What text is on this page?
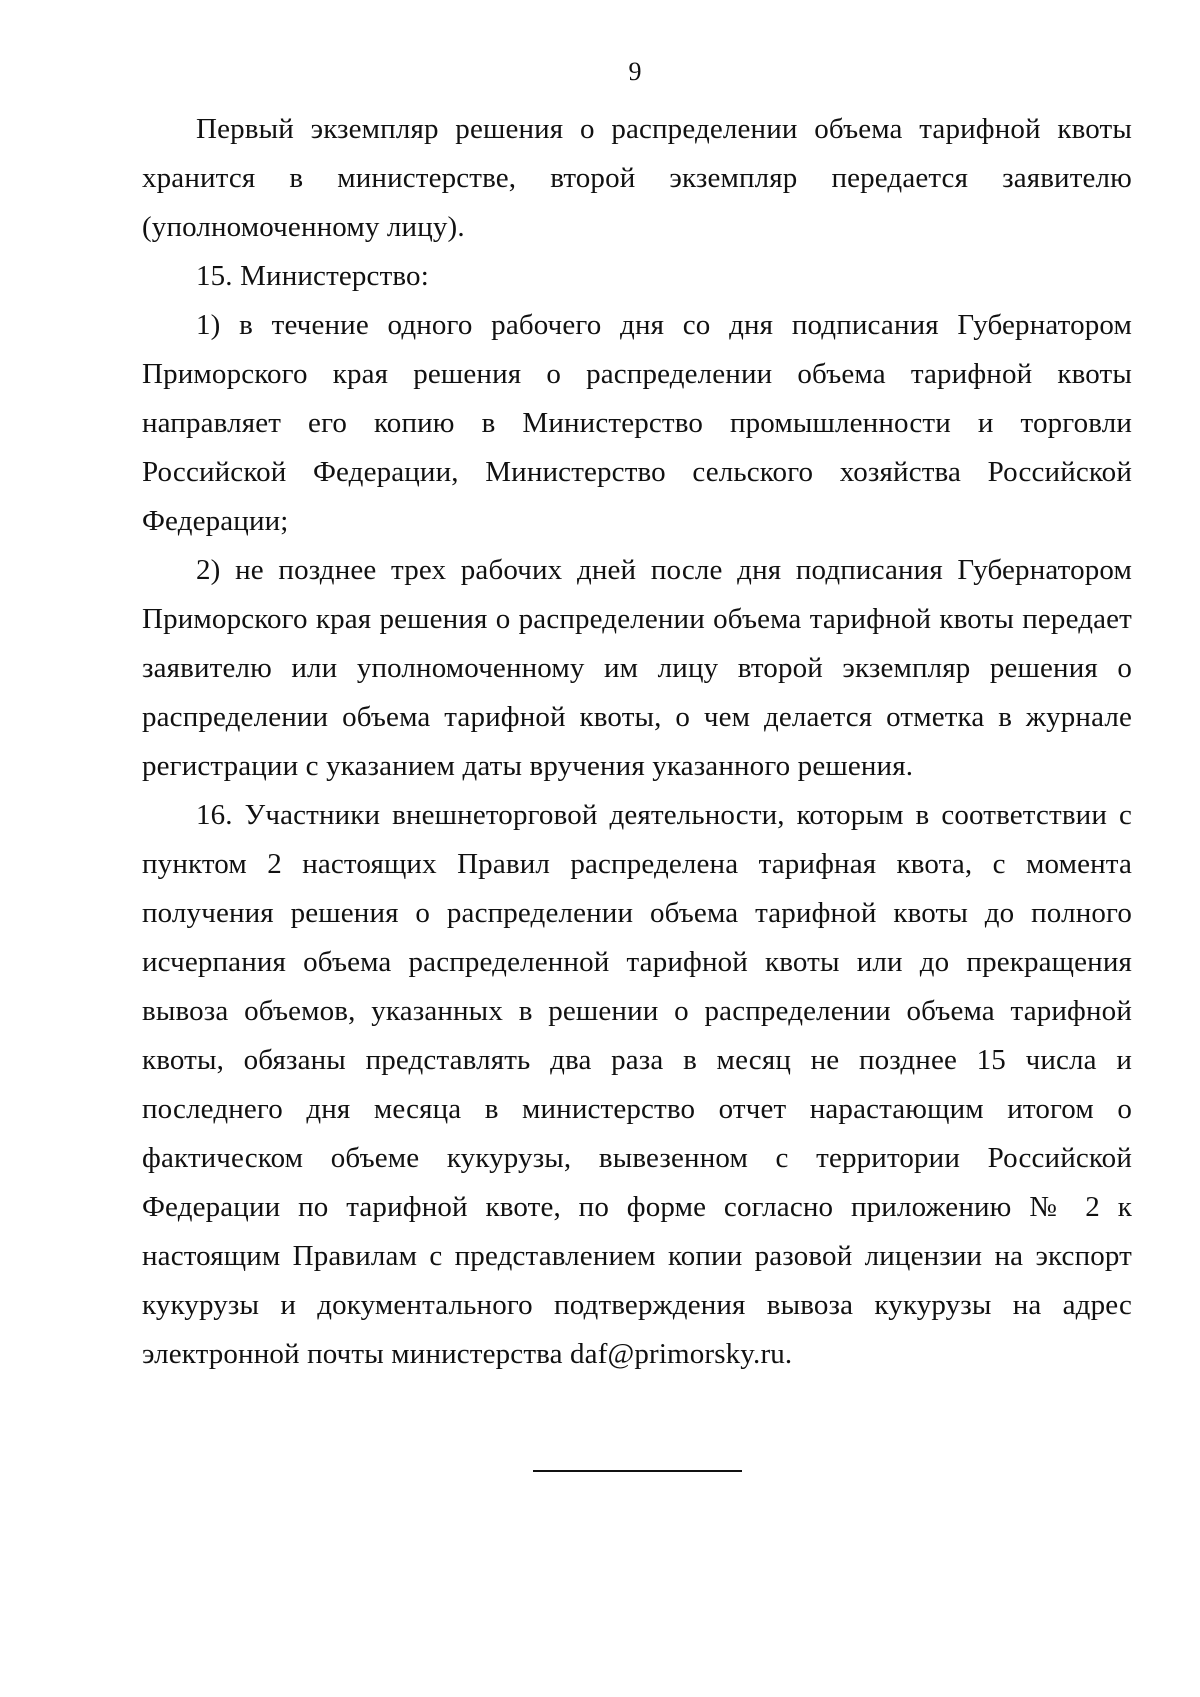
9

Первый экземпляр решения о распределении объема тарифной квоты хранится в министерстве, второй экземпляр передается заявителю (уполномоченному лицу).

15. Министерство:

1) в течение одного рабочего дня со дня подписания Губернатором Приморского края решения о распределении объема тарифной квоты направляет его копию в Министерство промышленности и торговли Российской Федерации, Министерство сельского хозяйства Российской Федерации;

2) не позднее трех рабочих дней после дня подписания Губернатором Приморского края решения о распределении объема тарифной квоты передает заявителю или уполномоченному им лицу второй экземпляр решения о распределении объема тарифной квоты, о чем делается отметка в журнале регистрации с указанием даты вручения указанного решения.

16. Участники внешнеторговой деятельности, которым в соответствии с пунктом 2 настоящих Правил распределена тарифная квота, с момента получения решения о распределении объема тарифной квоты до полного исчерпания объема распределенной тарифной квоты или до прекращения вывоза объемов, указанных в решении о распределении объема тарифной квоты, обязаны представлять два раза в месяц не позднее 15 числа и последнего дня месяца в министерство отчет нарастающим итогом о фактическом объеме кукурузы, вывезенном с территории Российской Федерации по тарифной квоте, по форме согласно приложению № 2 к настоящим Правилам с представлением копии разовой лицензии на экспорт кукурузы и документального подтверждения вывоза кукурузы на адрес электронной почты министерства daf@primorsky.ru.
